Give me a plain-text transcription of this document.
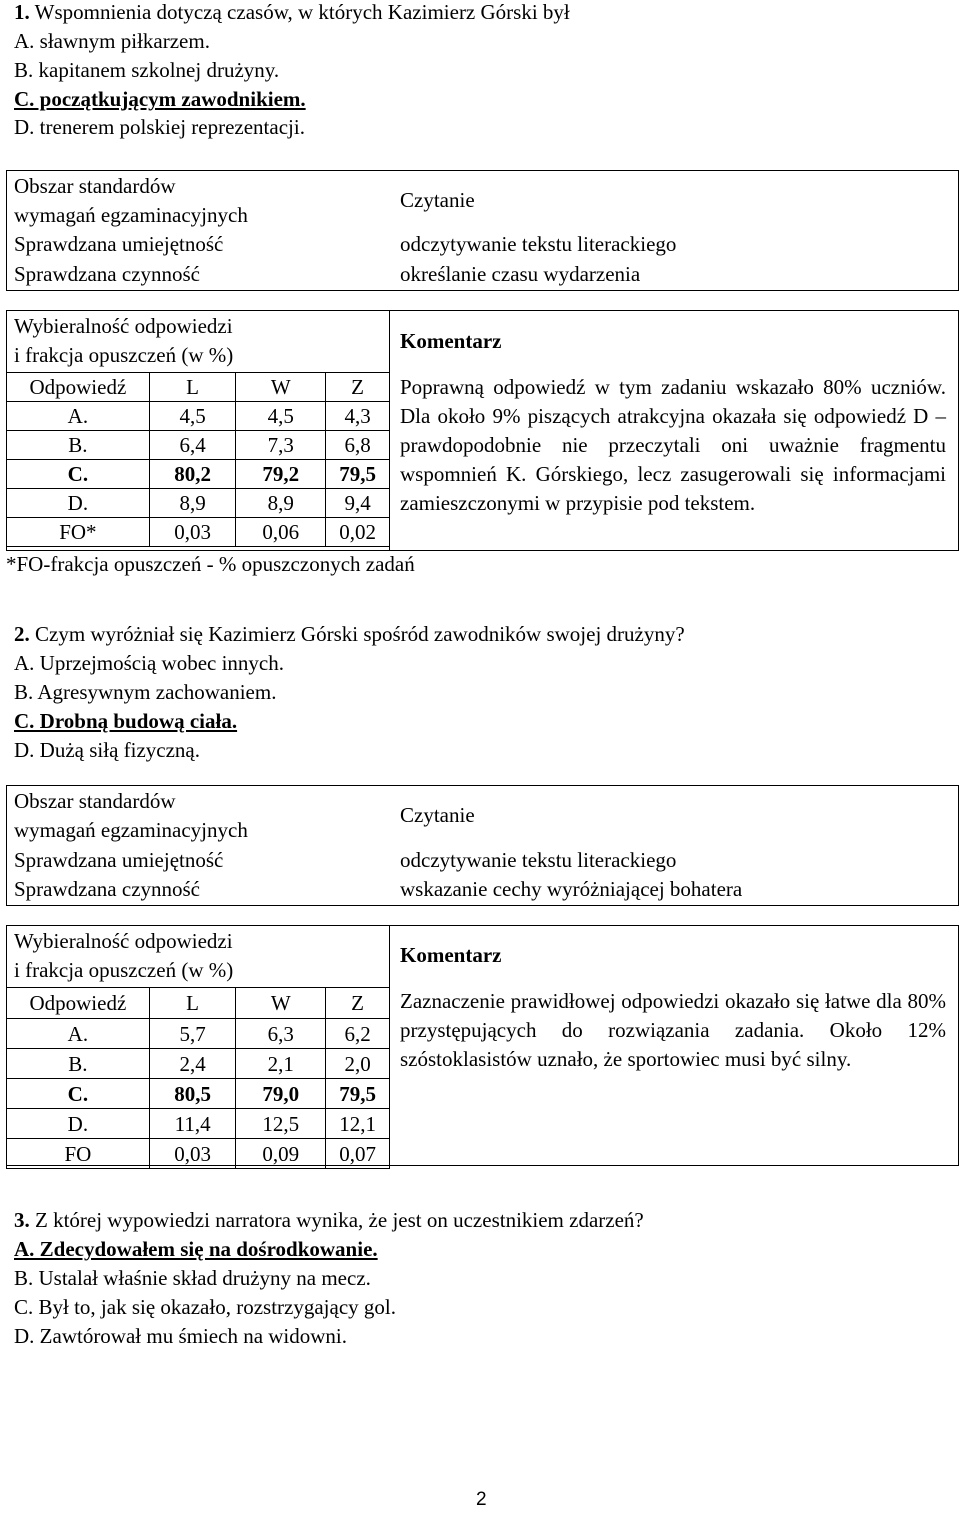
1. Wspomnienia dotyczą czasów, w których Kazimierz Górski był
A. sławnym piłkarzem.
B. kapitanem szkolnej drużyny.
C. początkującym zawodnikiem.
D. trenerem polskiej reprezentacji.
Obszar standardów
wymagań egzaminacyjnych
Czytanie
Sprawdzana umiejętność	odczytywanie tekstu literackiego
Sprawdzana czynność	określanie czasu wydarzenia
Wybieralność odpowiedzi
i frakcja opuszczeń (w %)
Komentarz
Odpowiedź	L	W	Z
A.	4,5	4,5	4,3
B.	6,4	7,3	6,8
C.	80,2	79,2	79,5
D.	8,9	8,9	9,4
FO*	0,03	0,06	0,02
Poprawną odpowiedź w tym zadaniu wskazało 80% uczniów. Dla około 9% piszących atrakcyjna okazała się odpowiedź D – prawdopodobnie nie przeczytali oni uważnie fragmentu wspomnień K. Górskiego, lecz zasugerowali się informacjami zamieszczonymi w przypisie pod tekstem.
*FO-frakcja opuszczeń - % opuszczonych zadań
2. Czym wyróżniał się Kazimierz Górski spośród zawodników swojej drużyny?
A. Uprzejmością wobec innych.
B. Agresywnym zachowaniem.
C. Drobną budową ciała.
D. Dużą siłą fizyczną.
Obszar standardów
wymagań egzaminacyjnych
Czytanie
Sprawdzana umiejętność	odczytywanie tekstu literackiego
Sprawdzana czynność	wskazanie cechy wyróżniającej bohatera
Wybieralność odpowiedzi
i frakcja opuszczeń (w %)
Komentarz
Odpowiedź	L	W	Z
A.	5,7	6,3	6,2
B.	2,4	2,1	2,0
C.	80,5	79,0	79,5
D.	11,4	12,5	12,1
FO	0,03	0,09	0,07
Zaznaczenie prawidłowej odpowiedzi okazało się łatwe dla 80% przystępujących do rozwiązania zadania. Około 12% szóstoklasistów uznało, że sportowiec musi być silny.
3. Z której wypowiedzi narratora wynika, że jest on uczestnikiem zdarzeń?
A. Zdecydowałem się na dośrodkowanie.
B. Ustalał właśnie skład drużyny na mecz.
C. Był to, jak się okazało, rozstrzygający gol.
D. Zawtórował mu śmiech na widowni.
2
